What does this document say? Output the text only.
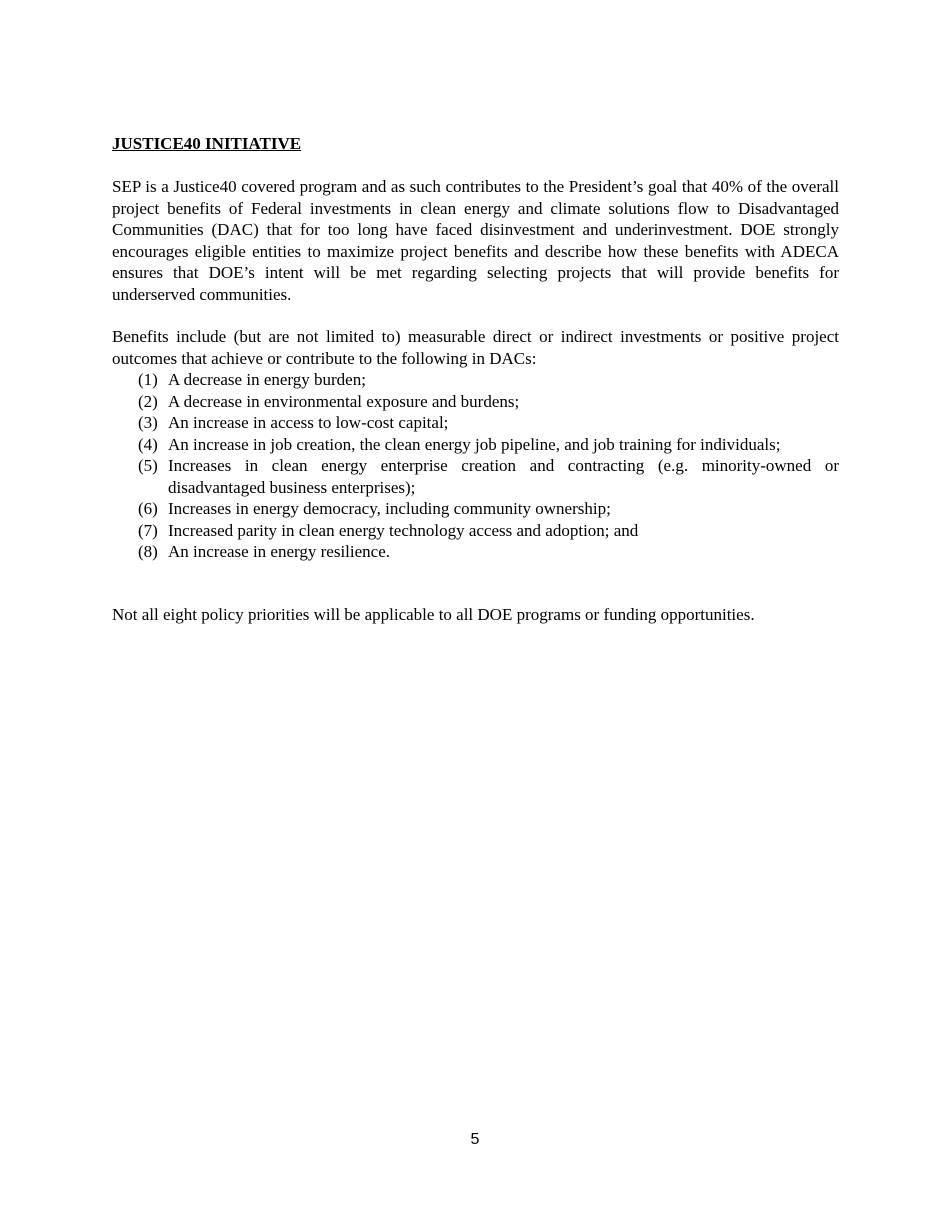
JUSTICE40 INITIATIVE

SEP is a Justice40 covered program and as such contributes to the President’s goal that 40% of the overall project benefits of Federal investments in clean energy and climate solutions flow to Disadvantaged Communities (DAC) that for too long have faced disinvestment and underinvestment. DOE strongly encourages eligible entities to maximize project benefits and describe how these benefits with ADECA ensures that DOE’s intent will be met regarding selecting projects that will provide benefits for underserved communities.

Benefits include (but are not limited to) measurable direct or indirect investments or positive project outcomes that achieve or contribute to the following in DACs:

(1) A decrease in energy burden;
(2) A decrease in environmental exposure and burdens;
(3) An increase in access to low-cost capital;
(4) An increase in job creation, the clean energy job pipeline, and job training for individuals;
(5) Increases in clean energy enterprise creation and contracting (e.g. minority-owned or disadvantaged business enterprises);
(6) Increases in energy democracy, including community ownership;
(7) Increased parity in clean energy technology access and adoption; and
(8) An increase in energy resilience.

Not all eight policy priorities will be applicable to all DOE programs or funding opportunities.

5
